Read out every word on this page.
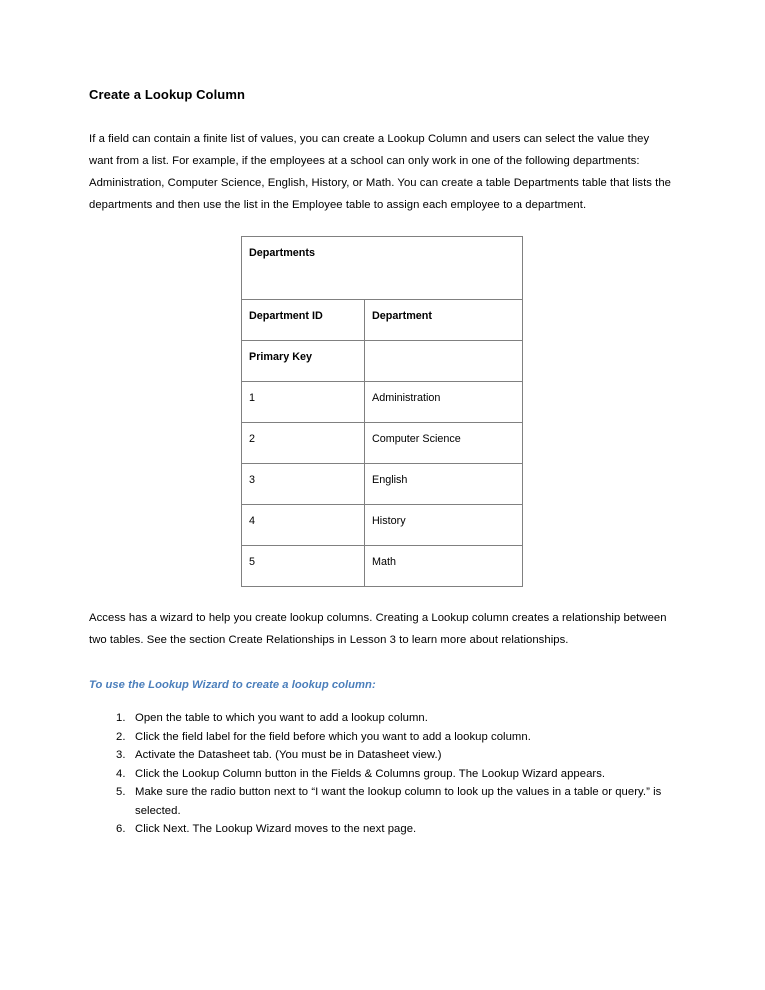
Create a Lookup Column

If a field can contain a finite list of values, you can create a Lookup Column and users can select the value they want from a list. For example, if the employees at a school can only work in one of the following departments: Administration, Computer Science, English, History, or Math. You can create a table Departments table that lists the departments and then use the list in the Employee table to assign each employee to a department.

Departments	
Department ID	Department
Primary Key	
1	Administration
2	Computer Science
3	English
4	History
5	Math

Access has a wizard to help you create lookup columns. Creating a Lookup column creates a relationship between two tables. See the section Create Relationships in Lesson 3 to learn more about relationships.

To use the Lookup Wizard to create a lookup column:

Open the table to which you want to add a lookup column.
Click the field label for the field before which you want to add a lookup column.
Activate the Datasheet tab. (You must be in Datasheet view.)
Click the Lookup Column button in the Fields & Columns group. The Lookup Wizard appears.
Make sure the radio button next to “I want the lookup column to look up the values in a table or query.” is selected.
Click Next. The Lookup Wizard moves to the next page.
